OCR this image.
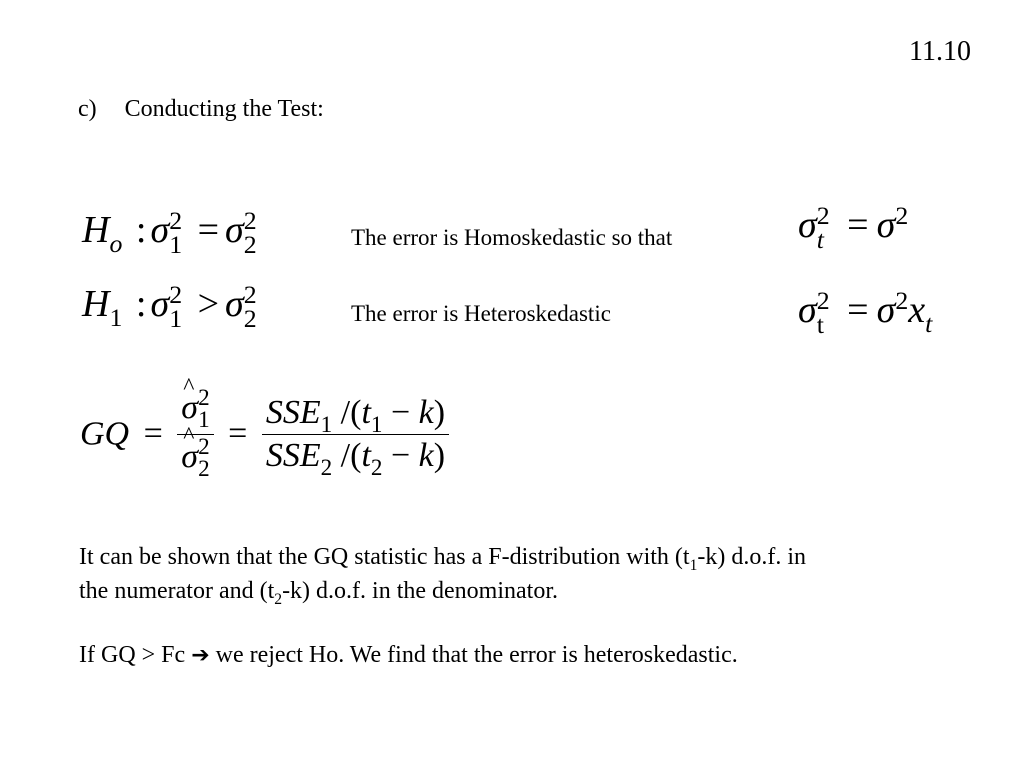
11.10
c) Conducting the Test:
$H_o$ : σ 2
1 = σ 2
2	The error is Homoskedastic so that	σ 2
$t = \sigma^2$
$H_1$ : σ 2
1 > σ 2
2	The error is Heteroskedastic	σ 2
$t = \sigma^2x_t$
GQ =
^ σ 2
1
^ σ 2
$2 = \frac{SSE_1 /(t_1 - k)}{SSE_2 /(t_2 - k)}$
It can be shown that the GQ statistic has a F-distribution with $(t_1-k)$ d.o.f. in
the numerator and $(t_2-k)$ d.o.f. in the denominator.
If GQ > Fc ➔ we reject Ho. We find that the error is heteroskedastic.
